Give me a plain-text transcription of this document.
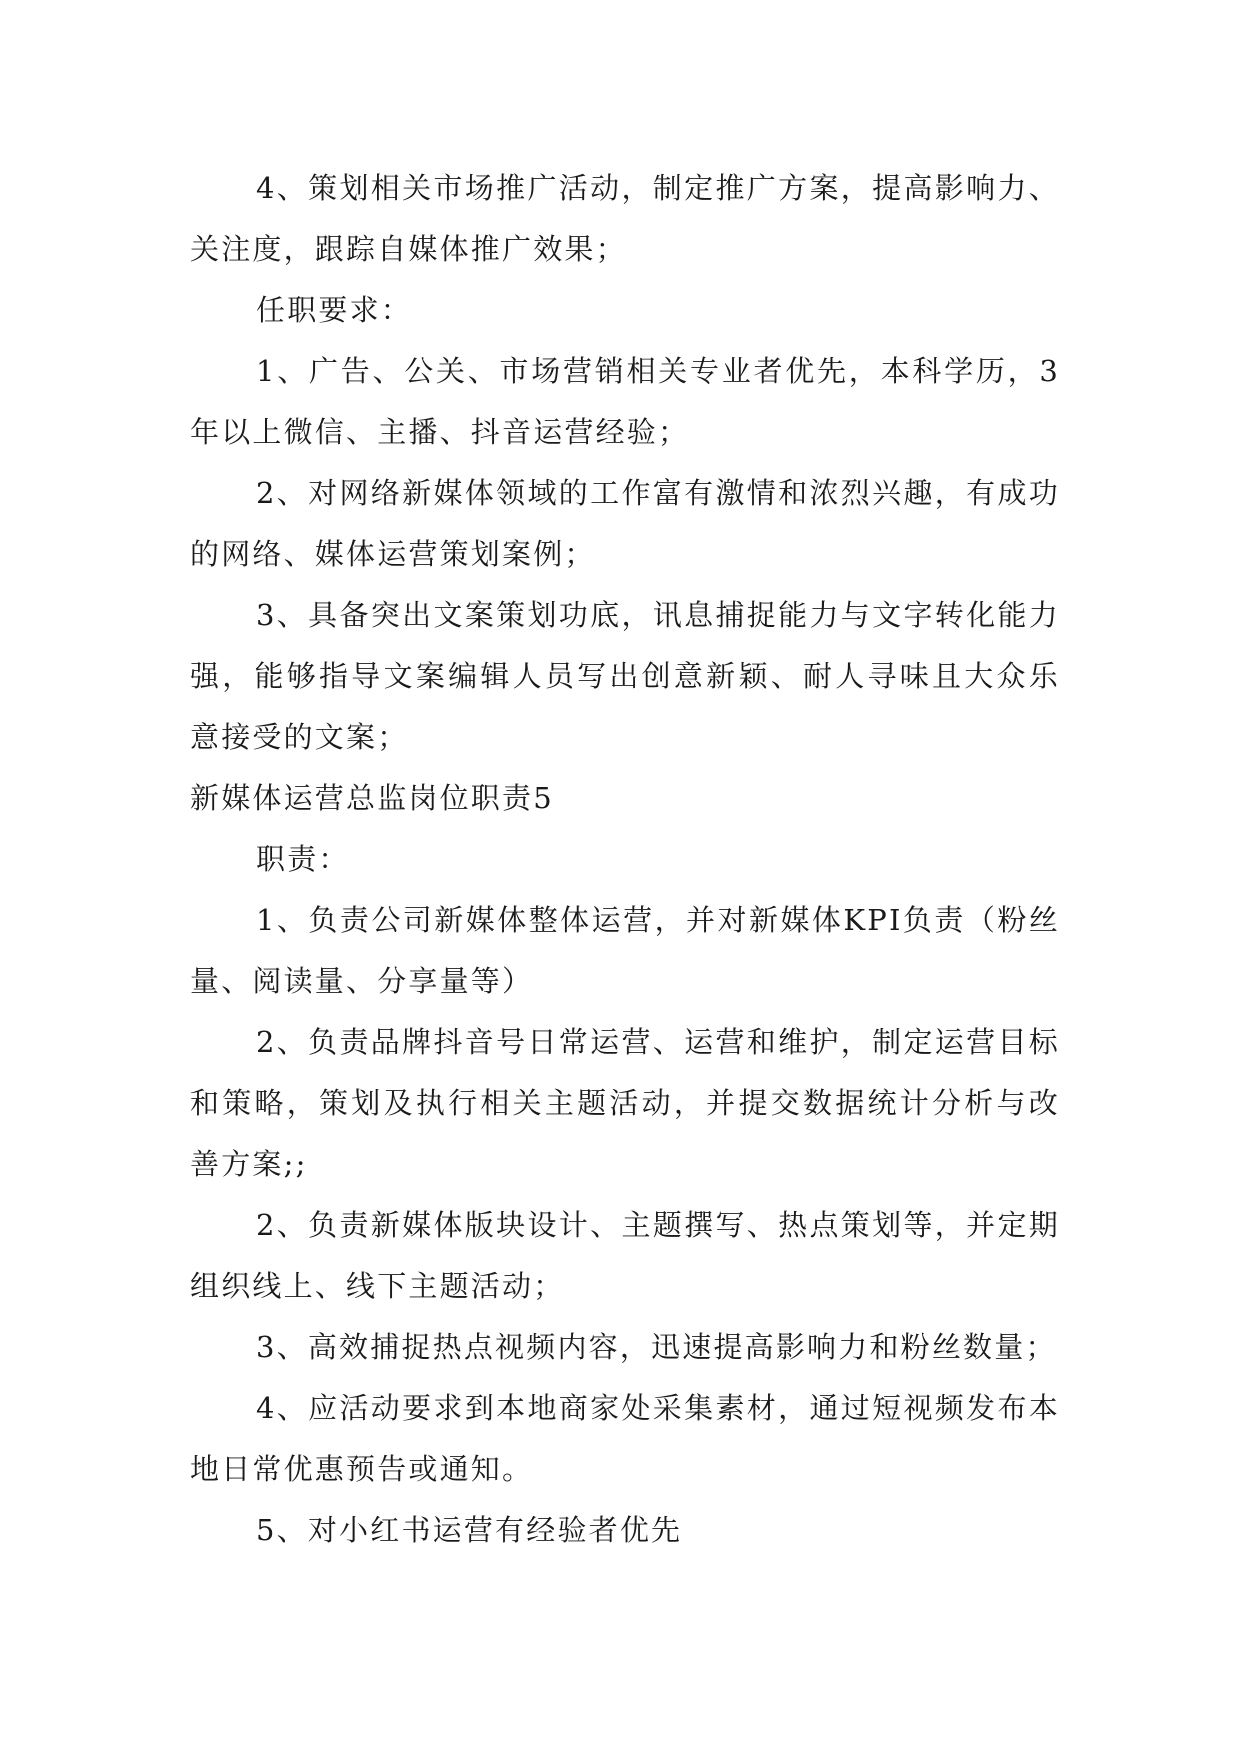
4、策划相关市场推广活动，制定推广方案，提高影响力、关注度，跟踪自媒体推广效果；

任职要求：

1、广告、公关、市场营销相关专业者优先，本科学历，3年以上微信、主播、抖音运营经验；

2、对网络新媒体领域的工作富有激情和浓烈兴趣，有成功的网络、媒体运营策划案例；

3、具备突出文案策划功底，讯息捕捉能力与文字转化能力强，能够指导文案编辑人员写出创意新颖、耐人寻味且大众乐意接受的文案；

新媒体运营总监岗位职责5

职责：

1、负责公司新媒体整体运营，并对新媒体KPI负责（粉丝量、阅读量、分享量等）

2、负责品牌抖音号日常运营、运营和维护，制定运营目标和策略，策划及执行相关主题活动，并提交数据统计分析与改善方案;;

2、负责新媒体版块设计、主题撰写、热点策划等，并定期组织线上、线下主题活动；

3、高效捕捉热点视频内容，迅速提高影响力和粉丝数量；

4、应活动要求到本地商家处采集素材，通过短视频发布本地日常优惠预告或通知。

5、对小红书运营有经验者优先
